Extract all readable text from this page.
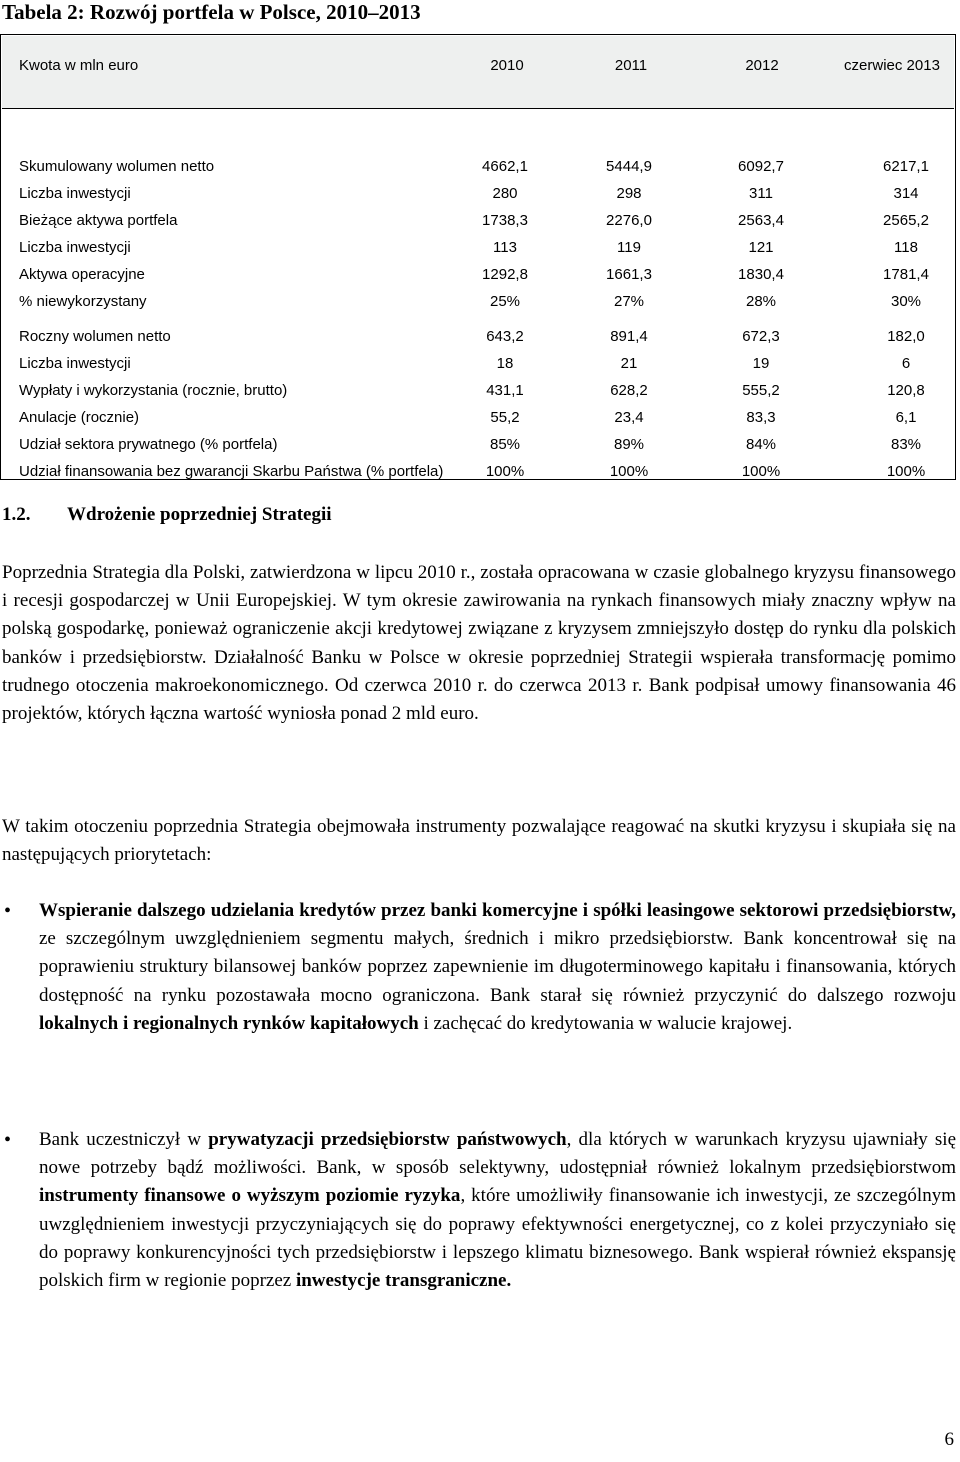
Tabela 2: Rozwój portfela w Polsce, 2010–2013
Kwota w mln euro	2010	2011	2012	czerwiec 2013
Skumulowany wolumen netto	4662,1	5444,9	6092,7	6217,1
Liczba inwestycji	280	298	311	314
Bieżące aktywa portfela	1738,3	2276,0	2563,4	2565,2
Liczba inwestycji	113	119	121	118
Aktywa operacyjne	1292,8	1661,3	1830,4	1781,4
% niewykorzystany	25%	27%	28%	30%
Roczny wolumen netto	643,2	891,4	672,3	182,0
Liczba inwestycji	18	21	19	6
Wypłaty i wykorzystania (rocznie, brutto)	431,1	628,2	555,2	120,8
Anulacje (rocznie)	55,2	23,4	83,3	6,1
Udział sektora prywatnego (% portfela)	85%	89%	84%	83%
Udział finansowania bez gwarancji Skarbu Państwa (% portfela)	100%	100%	100%	100%
1.2. Wdrożenie poprzedniej Strategii
Poprzednia Strategia dla Polski, zatwierdzona w lipcu 2010 r., została opracowana w czasie globalnego kryzysu finansowego i recesji gospodarczej w Unii Europejskiej. W tym okresie zawirowania na rynkach finansowych miały znaczny wpływ na polską gospodarkę, ponieważ ograniczenie akcji kredytowej związane z kryzysem zmniejszyło dostęp do rynku dla polskich banków i przedsiębiorstw. Działalność Banku w Polsce w okresie poprzedniej Strategii wspierała transformację pomimo trudnego otoczenia makroekonomicznego. Od czerwca 2010 r. do czerwca 2013 r. Bank podpisał umowy finansowania 46 projektów, których łączna wartość wyniosła ponad 2 mld euro.
W takim otoczeniu poprzednia Strategia obejmowała instrumenty pozwalające reagować na skutki kryzysu i skupiała się na następujących priorytetach:
• Wspieranie dalszego udzielania kredytów przez banki komercyjne i spółki leasingowe sektorowi przedsiębiorstw, ze szczególnym uwzględnieniem segmentu małych, średnich i mikro przedsiębiorstw. Bank koncentrował się na poprawieniu struktury bilansowej banków poprzez zapewnienie im długoterminowego kapitału i finansowania, których dostępność na rynku pozostawała mocno ograniczona. Bank starał się również przyczynić do dalszego rozwoju lokalnych i regionalnych rynków kapitałowych i zachęcać do kredytowania w walucie krajowej.
• Bank uczestniczył w prywatyzacji przedsiębiorstw państwowych, dla których w warunkach kryzysu ujawniały się nowe potrzeby bądź możliwości. Bank, w sposób selektywny, udostępniał również lokalnym przedsiębiorstwom instrumenty finansowe o wyższym poziomie ryzyka, które umożliwiły finansowanie ich inwestycji, ze szczególnym uwzględnieniem inwestycji przyczyniających się do poprawy efektywności energetycznej, co z kolei przyczyniało się do poprawy konkurencyjności tych przedsiębiorstw i lepszego klimatu biznesowego. Bank wspierał również ekspansję polskich firm w regionie poprzez inwestycje transgraniczne.
6
